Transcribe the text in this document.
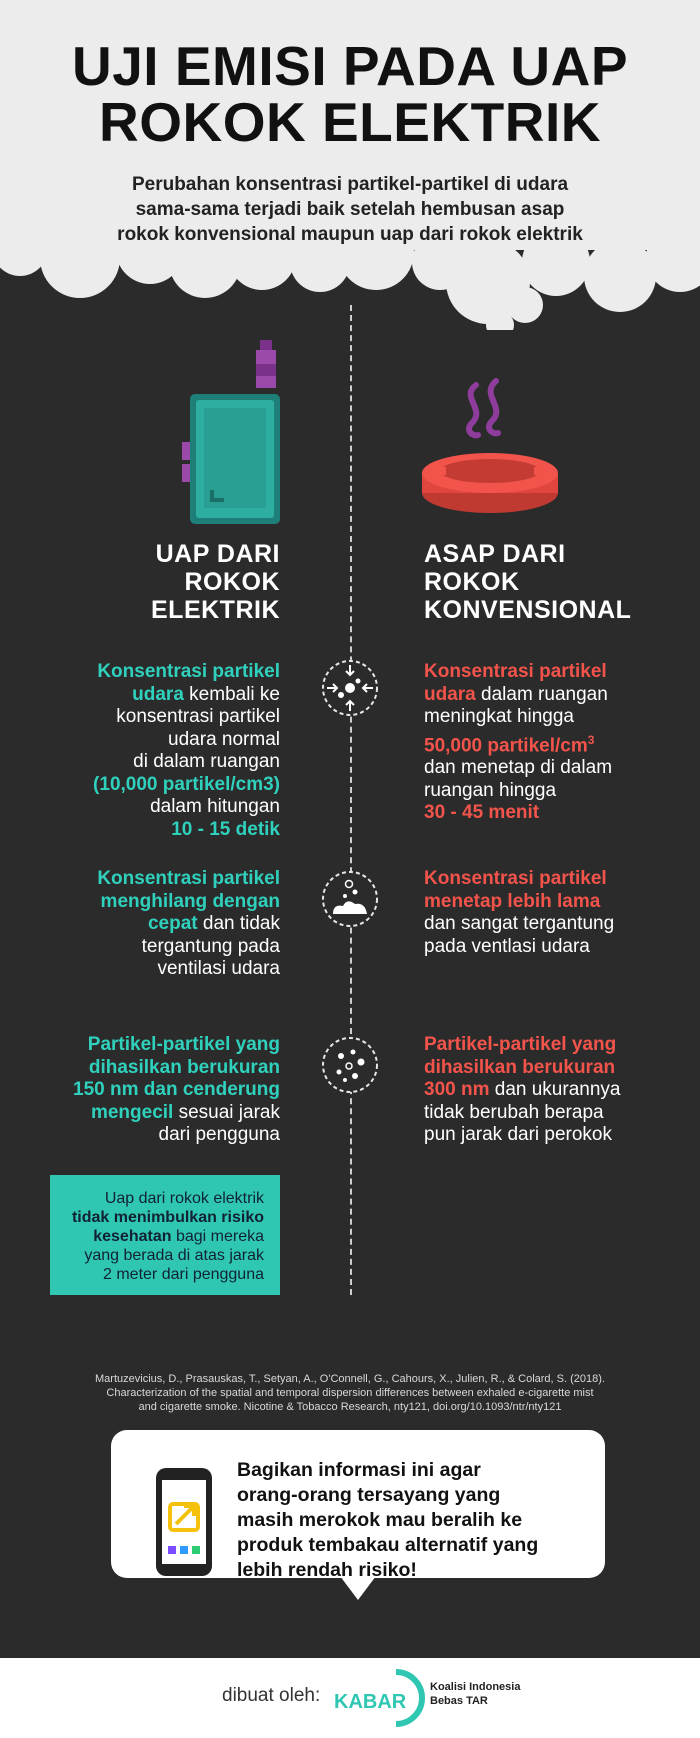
UJI EMISI PADA UAP
ROKOK ELEKTRIK
Perubahan konsentrasi partikel-partikel di udara
sama-sama terjadi baik setelah hembusan asap
rokok konvensional maupun uap dari rokok elektrik
UAP DARI
ROKOK
ELEKTRIK
ASAP DARI
ROKOK
KONVENSIONAL
Konsentrasi partikel
udara kembali ke
konsentrasi partikel
udara normal
di dalam ruangan
(10,000 partikel/cm3)
dalam hitungan
10 - 15 detik
Konsentrasi partikel
udara dalam ruangan
meningkat hingga
50,000 partikel/$cm^3$
dan menetap di dalam
ruangan hingga
30 - 45 menit
Konsentrasi partikel
menghilang dengan
cepat dan tidak
tergantung pada
ventilasi udara
Konsentrasi partikel
menetap lebih lama
dan sangat tergantung
pada ventlasi udara
Partikel-partikel yang
dihasilkan berukuran
150 nm dan cenderung
mengecil sesuai jarak
dari pengguna
Partikel-partikel yang
dihasilkan berukuran
300 nm dan ukurannya
tidak berubah berapa
pun jarak dari perokok
Uap dari rokok elektrik
tidak menimbulkan risiko
kesehatan bagi mereka
yang berada di atas jarak
2 meter dari pengguna
Martuzevicius, D., Prasauskas, T., Setyan, A., O'Connell, G., Cahours, X., Julien, R., & Colard, S. (2018).
Characterization of the spatial and temporal dispersion differences between exhaled e-cigarette mist
and cigarette smoke. Nicotine & Tobacco Research, nty121, doi.org/10.1093/ntr/nty121
Bagikan informasi ini agar
orang-orang tersayang yang
masih merokok mau beralih ke
produk tembakau alternatif yang
lebih rendah risiko!
dibuat oleh: KABAR
Koalisi Indonesia
Bebas TAR
